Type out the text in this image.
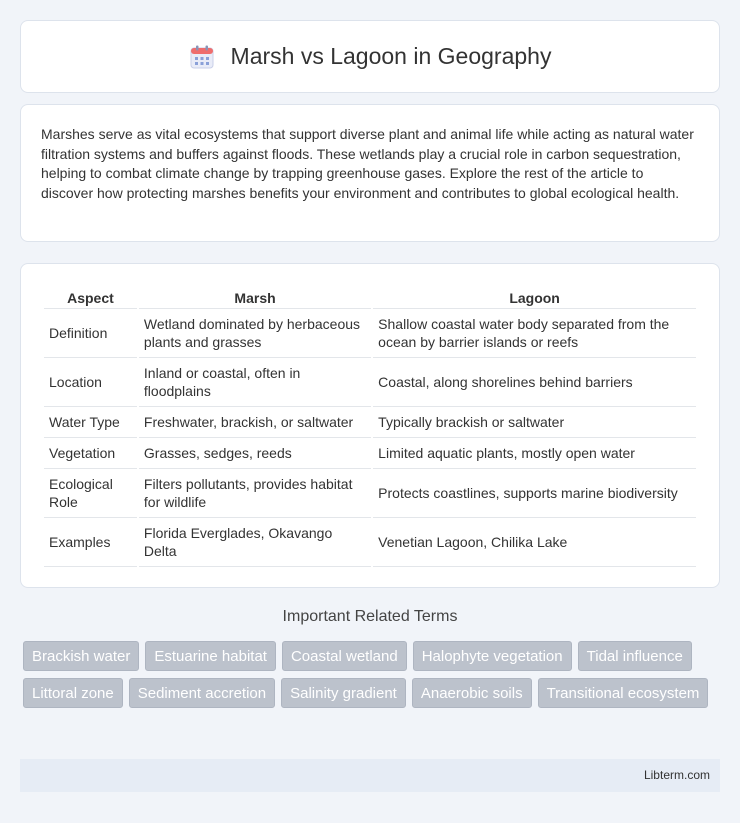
Marsh vs Lagoon in Geography

Marshes serve as vital ecosystems that support diverse plant and animal life while acting as natural water filtration systems and buffers against floods. These wetlands play a crucial role in carbon sequestration, helping to combat climate change by trapping greenhouse gases. Explore the rest of the article to discover how protecting marshes benefits your environment and contributes to global ecological health.

Aspect	Marsh	Lagoon
Definition	Wetland dominated by herbaceous plants and grasses	Shallow coastal water body separated from the ocean by barrier islands or reefs
Location	Inland or coastal, often in floodplains	Coastal, along shorelines behind barriers
Water Type	Freshwater, brackish, or saltwater	Typically brackish or saltwater
Vegetation	Grasses, sedges, reeds	Limited aquatic plants, mostly open water
Ecological Role	Filters pollutants, provides habitat for wildlife	Protects coastlines, supports marine biodiversity
Examples	Florida Everglades, Okavango Delta	Venetian Lagoon, Chilika Lake
Important Related Terms
Brackish water	Estuarine habitat	Coastal wetland	Halophyte vegetation	Tidal influence
Littoral zone	Sediment accretion	Salinity gradient	Anaerobic soils	Transitional ecosystem
Libterm.com
